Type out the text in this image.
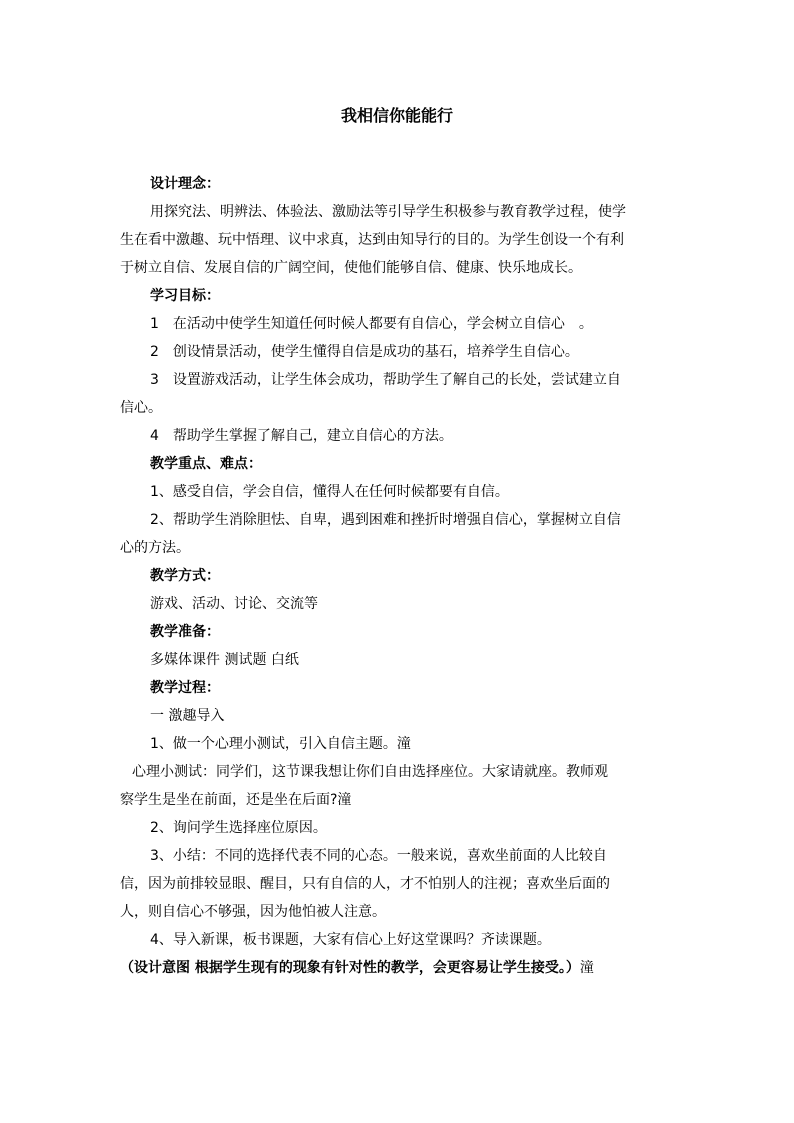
我相信你能能行

设计理念：

用探究法、明辨法、体验法、激励法等引导学生积极参与教育教学过程，使学

生在看中激趣、玩中悟理、议中求真，达到由知导行的目的。为学生创设一个有利

于树立自信、发展自信的广阔空间，使他们能够自信、健康、快乐地成长。

学习目标：

1　在活动中使学生知道任何时候人都要有自信心，学会树立自信心　。

2　创设情景活动，使学生懂得自信是成功的基石，培养学生自信心。

3　设置游戏活动，让学生体会成功，帮助学生了解自己的长处，尝试建立自

信心。

4　帮助学生掌握了解自己，建立自信心的方法。

教学重点、难点：

1、感受自信，学会自信，懂得人在任何时候都要有自信。

2、帮助学生消除胆怯、自卑，遇到困难和挫折时增强自信心，掌握树立自信

心的方法。

教学方式：

游戏、活动、讨论、交流等

教学准备：

多媒体课件 测试题 白纸

教学过程：

一 激趣导入

1、做一个心理小测试，引入自信主题。潼

心理小测试：同学们，这节课我想让你们自由选择座位。大家请就座。教师观

察学生是坐在前面，还是坐在后面?潼

2、询问学生选择座位原因。

3、小结：不同的选择代表不同的心态。一般来说，喜欢坐前面的人比较自

信，因为前排较显眼、醒目，只有自信的人，才不怕别人的注视；喜欢坐后面的

人，则自信心不够强，因为他怕被人注意。

4、导入新课，板书课题，大家有信心上好这堂课吗？齐读课题。

（设计意图 根据学生现有的现象有针对性的教学，会更容易让学生接受。）潼
